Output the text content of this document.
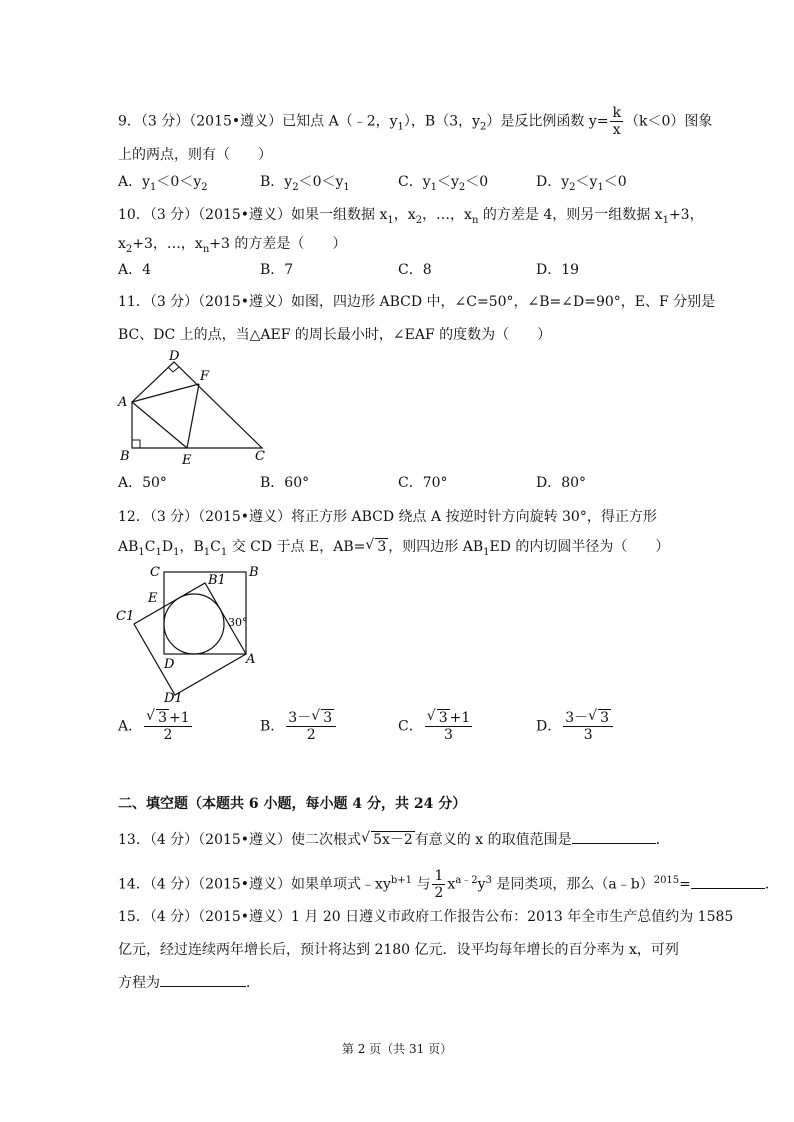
9．（3 分）（2015•遵义）已知点 A（﹣2，$y_1$），B（3，$y_2$）是反比例函数 $y= \frac{k}{x} (k<0)$图象
上的两点，则有（　　）
A．$y_1<0<y_2$	B．$y_2<0<y_1$	C．$y_1<y_2<0$	D．$y_2<y_1<0$
10．（3 分）（2015•遵义）如果一组数据 $x_1$，$x_2$，…，$x_n$ 的方差是 4，则另一组数据 $x_1+3$，
$x_2+3$，…，$x_n+3$ 的方差是（　　）
A．4	B．7	C．8	D．19
11．（3 分）（2015•遵义）如图，四边形 ABCD 中，∠C=50°，∠B=∠D=90°，E、F 分别是
BC、DC 上的点，当△AEF 的周长最小时，∠EAF 的度数为（　　）
D
F
A
B	E	C
A．50°	B．60°	C．70°	D．80°
12．（3 分）（2015•遵义）将正方形 ABCD 绕点 A 按逆时针方向旋转 30°，得正方形
$AB_1C_1D_1$，$B_1C_1$ 交 CD 于点 E，AB= √ 3 ，则四边形 $AB_1ED$ 的内切圆半径为（　　）
C
B1
B
E
C1	30°
D	A
D1
A． $\frac{√ 3 +1}{2}$	B． $\frac{3- √ 3}{2}$	C． $\frac{√ 3 +1}{3}$	D． $\frac{3- √ 3}{3}$
二、填空题（本题共 6 小题，每小题 4 分，共 24 分）
13．（4 分）（2015•遵义）使二次根式 √ 5x－2 有意义的 x 的取值范围是	．
14．（4 分）（2015•遵义）如果单项式$﹣xy^{b+1}$ 与 $\frac{1}{2} x^{a﹣2}y^3$ 是同类项，那么（a﹣b）$^{2015}$=	．
15．（4 分）（2015•遵义）1 月 20 日遵义市政府工作报告公布：2013 年全市生产总值约为 1585
亿元，经过连续两年增长后，预计将达到 2180 亿元．设平均每年增长的百分率为 x，可列
方程为	．
第 2 页（共 31 页）
